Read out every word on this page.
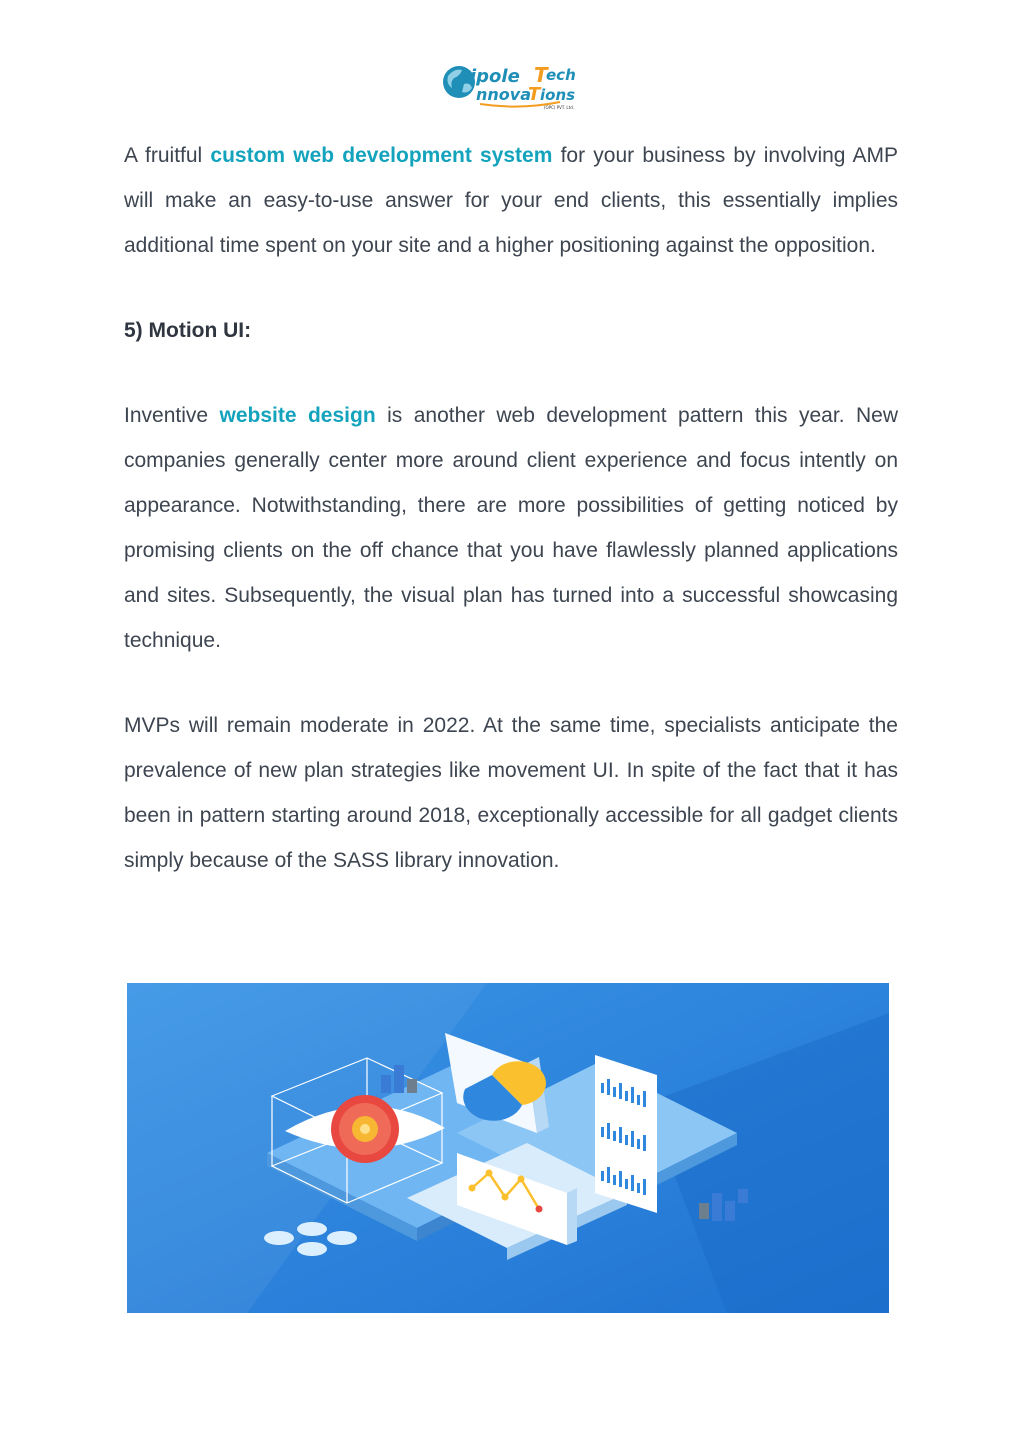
ipole T
ech
nnova
T ions
(OPC) PVT. Ltd.

A fruitful custom web development system for your business by involving AMP will make an easy-to-use answer for your end clients, this essentially implies additional time spent on your site and a higher positioning against the opposition.

5) Motion UI:

Inventive website design is another web development pattern this year. New companies generally center more around client experience and focus intently on appearance. Notwithstanding, there are more possibilities of getting noticed by promising clients on the off chance that you have flawlessly planned applications and sites. Subsequently, the visual plan has turned into a successful showcasing technique.

MVPs will remain moderate in 2022. At the same time, specialists anticipate the prevalence of new plan strategies like movement UI. In spite of the fact that it has been in pattern starting around 2018, exceptionally accessible for all gadget clients simply because of the SASS library innovation.
